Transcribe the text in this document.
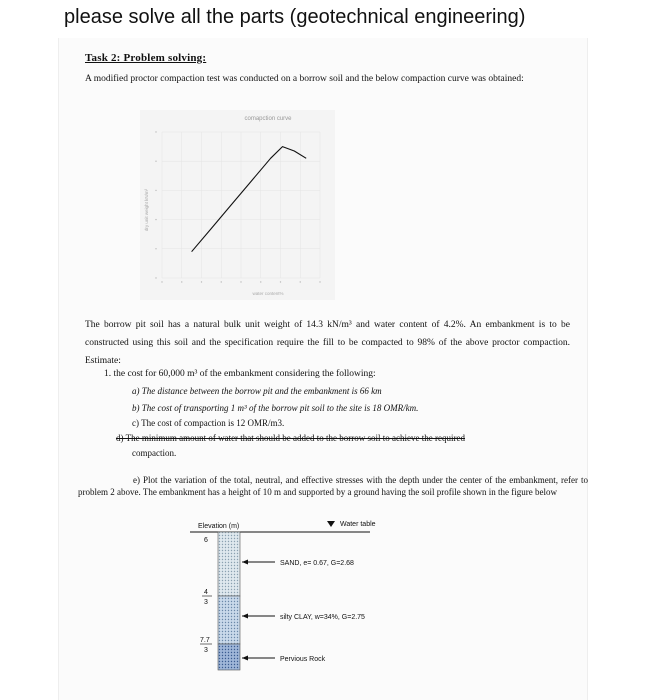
please solve all the parts (geotechnical engineering)
Task 2: Problem solving:
A modified proctor compaction test was conducted on a borrow soil and the below compaction curve was obtained:
comapction curve
dry unit weight kN/m³
water content%
The borrow pit soil has a natural bulk unit weight of 14.3 kN/m³ and water content of 4.2%. An embankment is to be constructed using this soil and the specification require the fill to be compacted to 98% of the above proctor compaction. Estimate:
1. the cost for 60,000 m³ of the embankment considering the following:
a) The distance between the borrow pit and the embankment is 66 km
b) The cost of transporting 1 m³ of the borrow pit soil to the site is 18 OMR/km.
c) The cost of compaction is 12 OMR/m3.
d) The minimum amount of water that should be added to the borrow soil to achieve the required
compaction.
e) Plot the variation of the total, neutral, and effective stresses with the depth under the center of the embankment, refer to problem 2 above. The embankment has a height of 10 m and supported by a ground having the soil profile shown in the figure below
Elevation (m)	Water table
6
4
3
7.7
3
SAND, e= 0.67, G=2.68
silty CLAY, w=34%, G=2.75
Pervious Rock
